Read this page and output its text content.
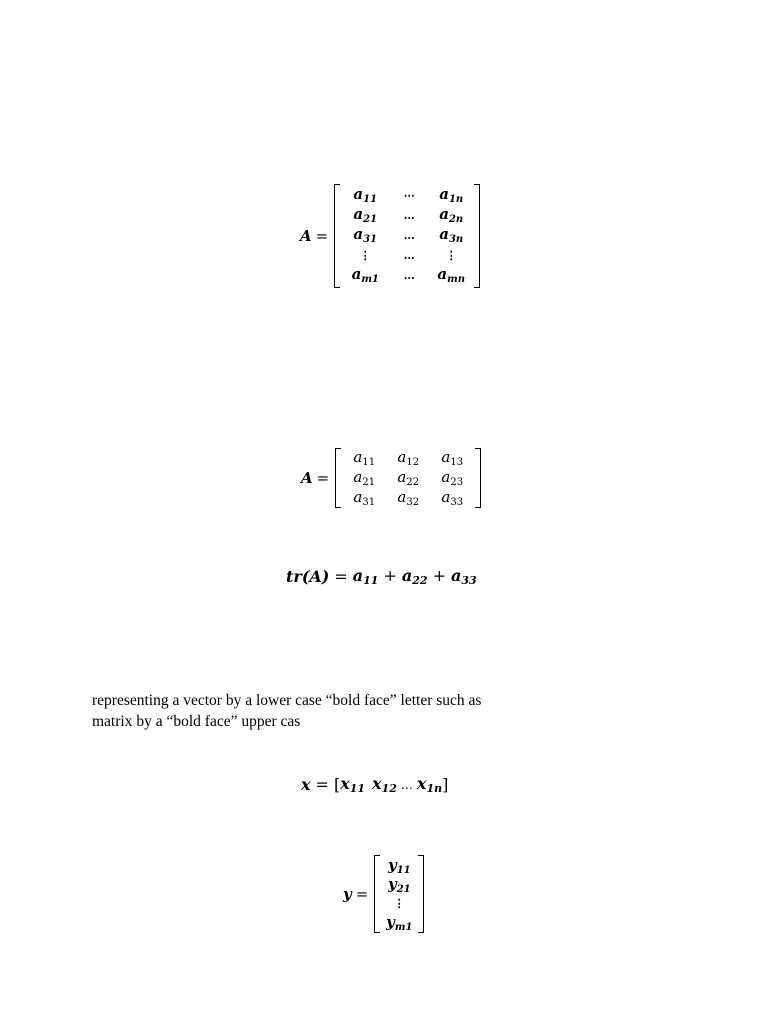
A =
$a_{11}$	⋯	$a_{1n}$
$a_{21}$	…	$a_{2n}$
$a_{31}$	…	$a_{3n}$
⋮	…	⋮
$a_{m1}$	…	$a_{mn}$
A =
$a_{11}$	$a_{12}$	$a_{13}$
$a_{21}$	$a_{22}$	$a_{23}$
$a_{31}$	$a_{32}$	$a_{33}$
$tr(A) = a_{11} + a_{22} + a_{33}$

representing a vector by a lower case “bold face” letter such as

matrix by a “bold face” upper cas

x = [ $x_{11}$ $x_{12}$ … $x_{1n}$ ]
y =
$y_{11}$
$y_{21}$
⋮
$y_{m1}$
